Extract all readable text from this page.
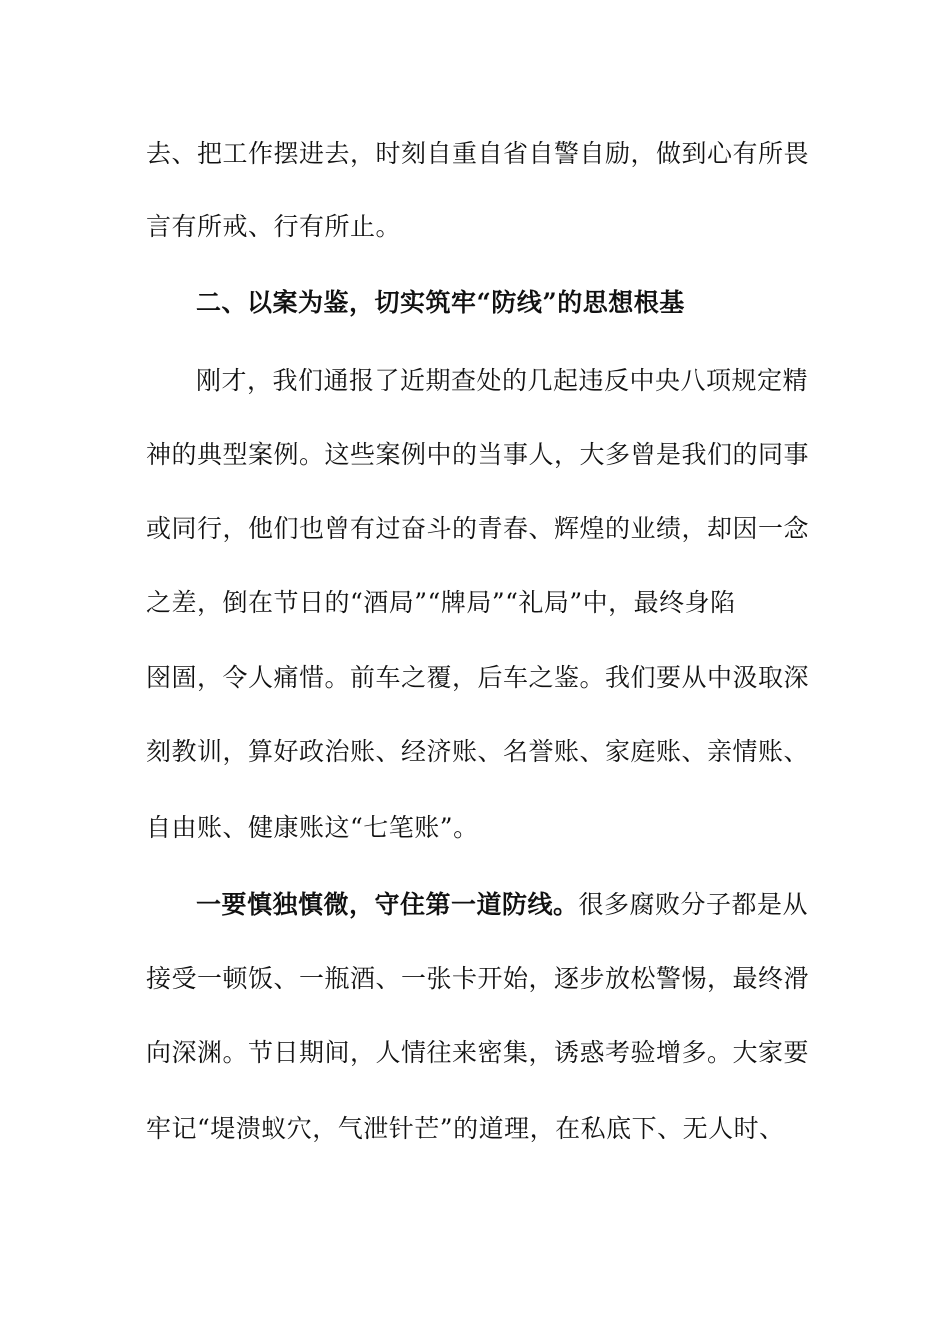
去、把工作摆进去，时刻自重自省自警自励，做到心有所畏
言有所戒、行有所止。
二、以案为鉴，切实筑牢“防线”的思想根基
刚才，我们通报了近期查处的几起违反中央八项规定精
神的典型案例。这些案例中的当事人，大多曾是我们的同事
或同行，他们也曾有过奋斗的青春、辉煌的业绩，却因一念
之差，倒在节日的“酒局”“牌局”“礼局”中，最终身陷
囹圄，令人痛惜。前车之覆，后车之鉴。我们要从中汲取深
刻教训，算好政治账、经济账、名誉账、家庭账、亲情账、
自由账、健康账这“七笔账”。
一要慎独慎微，守住第一道防线。很多腐败分子都是从
接受一顿饭、一瓶酒、一张卡开始，逐步放松警惕，最终滑
向深渊。节日期间，人情往来密集，诱惑考验增多。大家要
牢记“堤溃蚁穴，气泄针芒”的道理，在私底下、无人时、
